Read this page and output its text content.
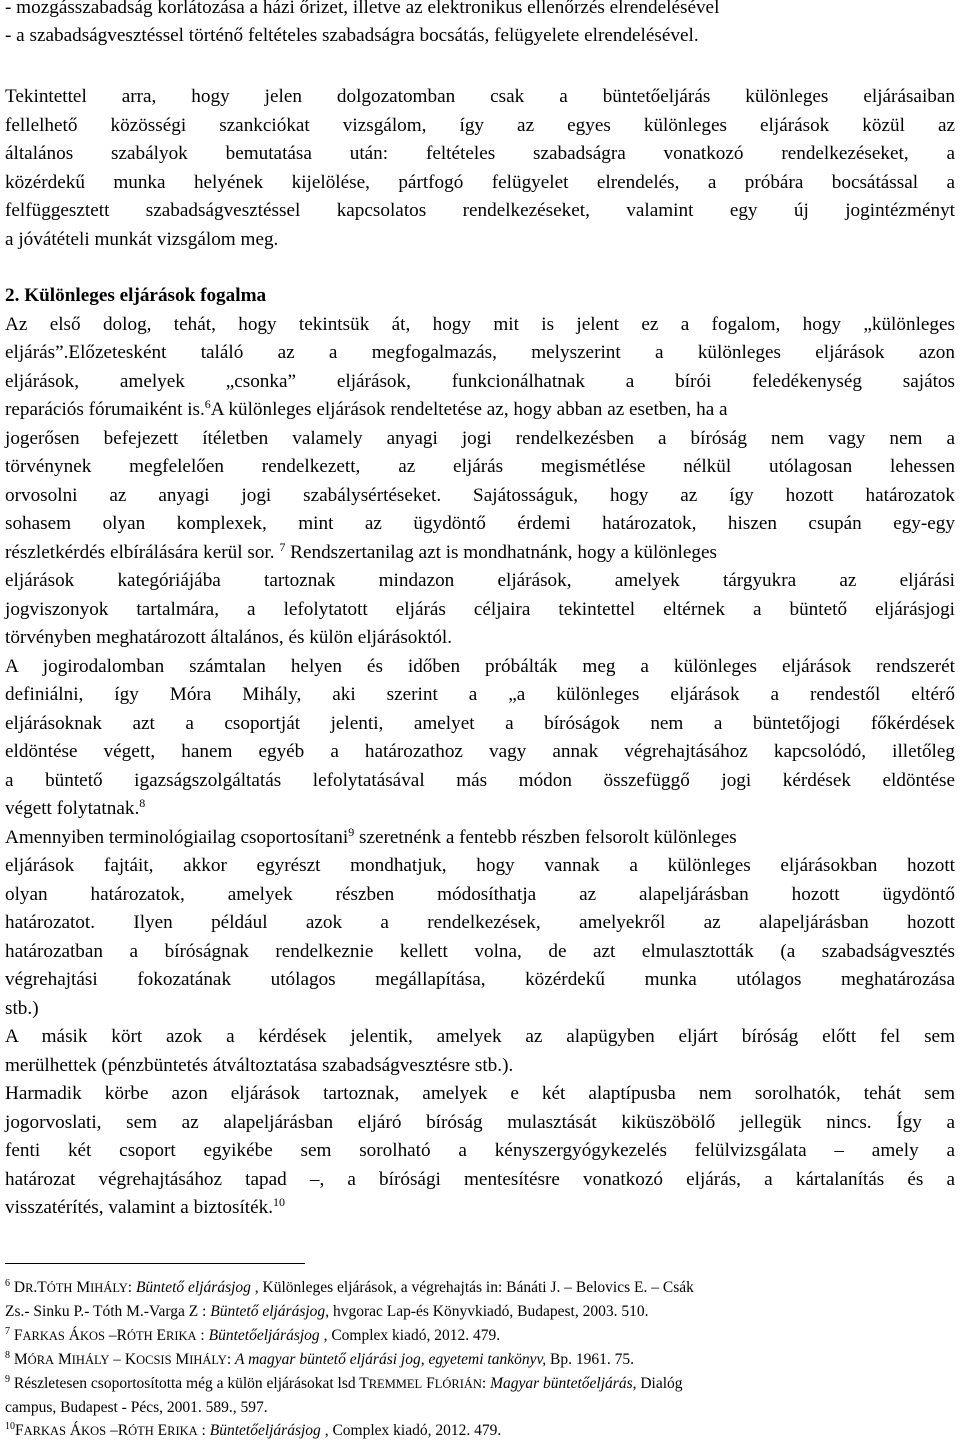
- mozgásszabadság korlátozása a házi őrizet, illetve az elektronikus ellenőrzés elrendelésével
- a szabadságvesztéssel történő feltételes szabadságra bocsátás, felügyelete elrendelésével.
Tekintettel arra, hogy jelen dolgozatomban csak a büntetőeljárás különleges eljárásaiban
fellelhető közösségi szankciókat vizsgálom, így az egyes különleges eljárások közül az
általános szabályok bemutatása után: feltételes szabadságra vonatkozó rendelkezéseket, a
közérdekű munka helyének kijelölése, pártfogó felügyelet elrendelés, a próbára bocsátással a
felfüggesztett szabadságvesztéssel kapcsolatos rendelkezéseket, valamint egy új jogintézményt
a jóvátételi munkát vizsgálom meg.
2. Különleges eljárások fogalma
Az első dolog, tehát, hogy tekintsük át, hogy mit is jelent ez a fogalom, hogy „különleges
eljárás”.Előzetesként találó az a megfogalmazás, melyszerint a különleges eljárások azon
eljárások, amelyek „csonka” eljárások, funkcionálhatnak a bírói feledékenység sajátos
reparációs fórumaiként is.$^6$A különleges eljárások rendeltetése az, hogy abban az esetben, ha a
jogerősen befejezett ítéletben valamely anyagi jogi rendelkezésben a bíróság nem vagy nem a
törvénynek megfelelően rendelkezett, az eljárás megismétlése nélkül utólagosan lehessen
orvosolni az anyagi jogi szabálysértéseket. Sajátosságuk, hogy az így hozott határozatok
sohasem olyan komplexek, mint az ügydöntő érdemi határozatok, hiszen csupán egy-egy
részletkérdés elbírálására kerül sor. $^7$ Rendszertanilag azt is mondhatnánk, hogy a különleges
eljárások kategóriájába tartoznak mindazon eljárások, amelyek tárgyukra az eljárási
jogviszonyok tartalmára, a lefolytatott eljárás céljaira tekintettel eltérnek a büntető eljárásjogi
törvényben meghatározott általános, és külön eljárásoktól.
A jogirodalomban számtalan helyen és időben próbálták meg a különleges eljárások rendszerét
definiálni, így Móra Mihály, aki szerint a „a különleges eljárások a rendestől eltérő
eljárásoknak azt a csoportját jelenti, amelyet a bíróságok nem a büntetőjogi főkérdések
eldöntése végett, hanem egyéb a határozathoz vagy annak végrehajtásához kapcsolódó, illetőleg
a büntető igazságszolgáltatás lefolytatásával más módon összefüggő jogi kérdések eldöntése
végett folytatnak.$^8$
Amennyiben terminológiailag csoportosítani$^9$ szeretnénk a fentebb részben felsorolt különleges
eljárások fajtáit, akkor egyrészt mondhatjuk, hogy vannak a különleges eljárásokban hozott
olyan határozatok, amelyek részben módosíthatja az alapeljárásban hozott ügydöntő
határozatot. Ilyen például azok a rendelkezések, amelyekről az alapeljárásban hozott
határozatban a bíróságnak rendelkeznie kellett volna, de azt elmulasztották (a szabadságvesztés
végrehajtási fokozatának utólagos megállapítása, közérdekű munka utólagos meghatározása
stb.)
A másik kört azok a kérdések jelentik, amelyek az alapügyben eljárt bíróság előtt fel sem
merülhettek (pénzbüntetés átváltoztatása szabadságvesztésre stb.).
Harmadik körbe azon eljárások tartoznak, amelyek e két alaptípusba nem sorolhatók, tehát sem
jogorvoslati, sem az alapeljárásban eljáró bíróság mulasztását kiküszöbölő jellegük nincs. Így a
fenti két csoport egyikébe sem sorolható a kényszergyógykezelés felülvizsgálata – amely a
határozat végrehajtásához tapad –, a bírósági mentesítésre vonatkozó eljárás, a kártalanítás és a
visszatérítés, valamint a biztosíték.$^{10}$
$^6$ DR.TÓTH MIHÁLY: Büntető eljárásjog , Különleges eljárások, a végrehajtás in: Bánáti J. – Belovics E. – Csák
Zs.- Sinku P.- Tóth M.-Varga Z : Büntető eljárásjog, hvgorac Lap-és Könyvkiadó, Budapest, 2003. 510.
$^7$ FARKAS ÁKOS –RÓTH ERIKA : Büntetőeljárásjog , Complex kiadó, 2012. 479.
$^8$ MÓRA MIHÁLY – KOCSIS MIHÁLY: A magyar büntető eljárási jog, egyetemi tankönyv, Bp. 1961. 75.
$^9$ Részletesen csoportosította még a külön eljárásokat lsd TREMMEL FLÓRIÁN: Magyar büntetőeljárás, Dialóg
campus, Budapest - Pécs, 2001. 589., 597.
$^{10}$FARKAS ÁKOS –RÓTH ERIKA : Büntetőeljárásjog , Complex kiadó, 2012. 479.
